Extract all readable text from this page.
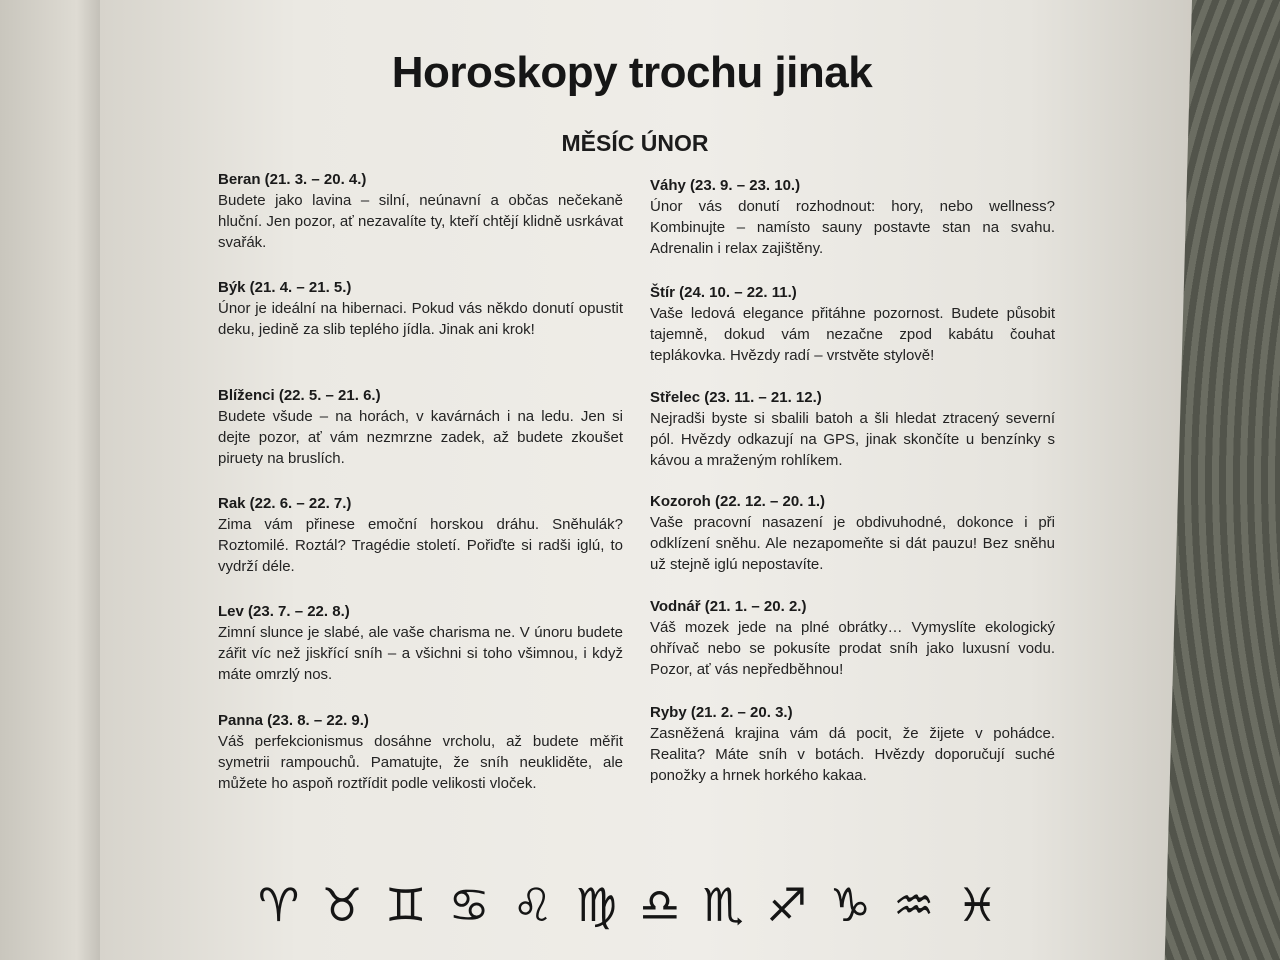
Horoskopy trochu jinak
MĚSÍC ÚNOR
Beran (21. 3. – 20. 4.)

Budete jako lavina – silní, neúnavní a občas nečekaně hluční. Jen pozor, ať nezavalíte ty, kteří chtějí klidně usrkávat svařák.

Býk (21. 4. – 21. 5.)

Únor je ideální na hibernaci. Pokud vás někdo donutí opustit deku, jedině za slib teplého jídla. Jinak ani krok!

Blíženci (22. 5. – 21. 6.)

Budete všude – na horách, v kavárnách i na ledu. Jen si dejte pozor, ať vám nezmrzne zadek, až budete zkoušet piruety na bruslích.

Rak (22. 6. – 22. 7.)

Zima vám přinese emoční horskou dráhu. Sněhulák? Roztomilé. Roztál? Tragédie století. Pořiďte si radši iglú, to vydrží déle.

Lev (23. 7. – 22. 8.)

Zimní slunce je slabé, ale vaše charisma ne. V únoru budete zářit víc než jiskřící sníh – a všichni si toho všimnou, i když máte omrzlý nos.

Panna (23. 8. – 22. 9.)

Váš perfekcionismus dosáhne vrcholu, až budete měřit symetrii rampouchů. Pamatujte, že sníh neukliděte, ale můžete ho aspoň roztřídit podle velikosti vloček.

Váhy (23. 9. – 23. 10.)

Únor vás donutí rozhodnout: hory, nebo wellness? Kombinujte – namísto sauny postavte stan na svahu. Adrenalin i relax zajištěny.

Štír (24. 10. – 22. 11.)

Vaše ledová elegance přitáhne pozornost. Budete působit tajemně, dokud vám nezačne zpod kabátu čouhat teplákovka. Hvězdy radí – vrstvěte stylově!

Střelec (23. 11. – 21. 12.)

Nejradši byste si sbalili batoh a šli hledat ztracený severní pól. Hvězdy odkazují na GPS, jinak skončíte u benzínky s kávou a mraženým rohlíkem.

Kozoroh (22. 12. – 20. 1.)

Vaše pracovní nasazení je obdivuhodné, dokonce i při odklízení sněhu. Ale nezapomeňte si dát pauzu! Bez sněhu už stejně iglú nepostavíte.

Vodnář (21. 1. – 20. 2.)

Váš mozek jede na plné obrátky… Vymyslíte ekologický ohřívač nebo se pokusíte prodat sníh jako luxusní vodu. Pozor, ať vás nepředběhnou!

Ryby (21. 2. – 20. 3.)

Zasněžená krajina vám dá pocit, že žijete v pohádce. Realita? Máte sníh v botách. Hvězdy doporučují suché ponožky a hrnek horkého kakaa.

♈ ♉ ♊ ♋ ♌ ♍ ♎ ♏ ♐ ♑ ♒ ♓
